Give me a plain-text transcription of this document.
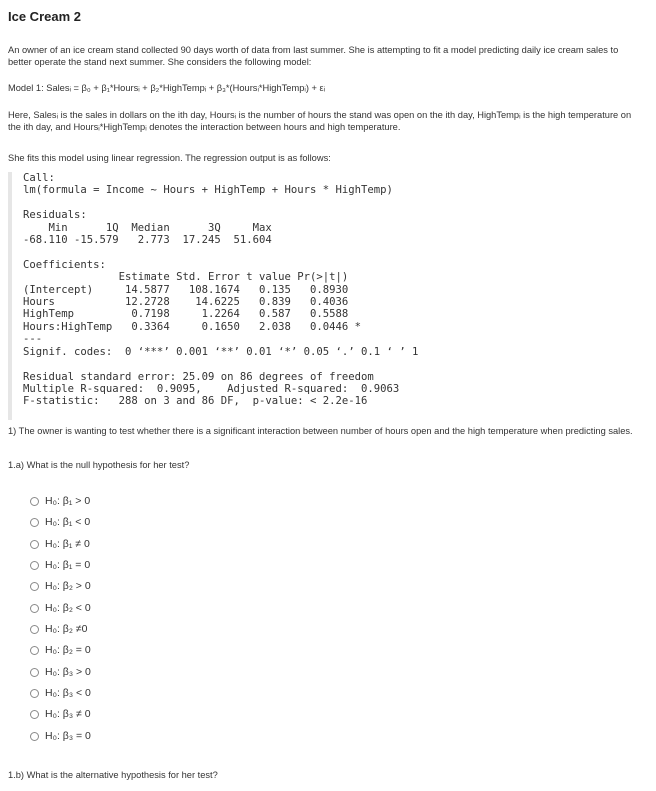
Ice Cream 2
An owner of an ice cream stand collected 90 days worth of data from last summer. She is attempting to fit a model predicting daily ice cream sales to better operate the stand next summer. She considers the following model:
Model 1: Salesᵢ = β₀ + β₁*Hoursᵢ + β₂*HighTempᵢ + β₃*(Hoursᵢ*HighTempᵢ) + εᵢ
Here, Salesᵢ is the sales in dollars on the ith day, Hoursᵢ is the number of hours the stand was open on the ith day, HighTempᵢ is the high temperature on the ith day, and Hoursᵢ*HighTempᵢ denotes the interaction between hours and high temperature.
She fits this model using linear regression. The regression output is as follows:
Call:
lm(formula = Income ~ Hours + HighTemp + Hours * HighTemp)

Residuals:
Min      1Q  Median      3Q     Max
-68.110 -15.579   2.773  17.245  51.604

Coefficients:
Estimate Std. Error t value Pr(>|t|)
(Intercept)     14.5877   108.1674   0.135   0.8930
Hours           12.2728    14.6225   0.839   0.4036
HighTemp         0.7198     1.2264   0.587   0.5588
Hours:HighTemp   0.3364     0.1650   2.038   0.0446 *
---
Signif. codes:  0 ‘***’ 0.001 ‘**’ 0.01 ‘*’ 0.05 ‘.’ 0.1 ‘ ’ 1

Residual standard error: 25.09 on 86 degrees of freedom
Multiple R-squared:  0.9095,    Adjusted R-squared:  0.9063
F-statistic:   288 on 3 and 86 DF,  p-value: < 2.2e-16
1) The owner is wanting to test whether there is a significant interaction between number of hours open and the high temperature when predicting sales.
1.a) What is the null hypothesis for her test?
H₀: β₁ > 0
H₀: β₁ < 0
H₀: β₁ ≠ 0
H₀: β₁ = 0
H₀: β₂ > 0
H₀: β₂ < 0
H₀: β₂ ≠0
H₀: β₂ = 0
H₀: β₃ > 0
H₀: β₃ < 0
H₀: β₃ ≠ 0
H₀: β₃ = 0
1.b) What is the alternative hypothesis for her test?
